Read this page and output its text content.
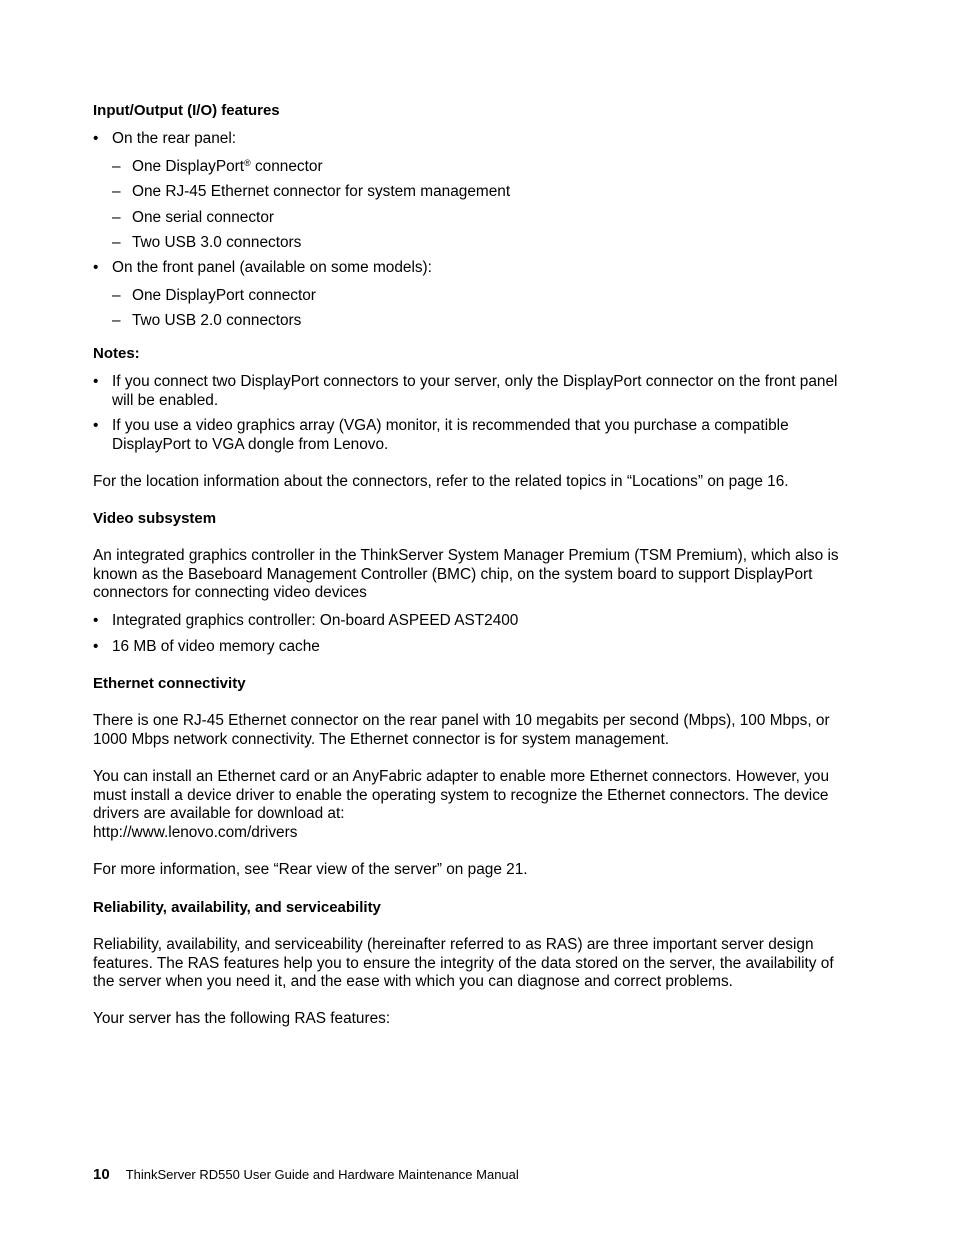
Input/Output (I/O) features
• On the rear panel:
– One DisplayPort® connector
– One RJ-45 Ethernet connector for system management
– One serial connector
– Two USB 3.0 connectors
• On the front panel (available on some models):
– One DisplayPort connector
– Two USB 2.0 connectors
Notes:
• If you connect two DisplayPort connectors to your server, only the DisplayPort connector on the front panel will be enabled.
• If you use a video graphics array (VGA) monitor, it is recommended that you purchase a compatible DisplayPort to VGA dongle from Lenovo.

For the location information about the connectors, refer to the related topics in “Locations” on page 16.

Video subsystem

An integrated graphics controller in the ThinkServer System Manager Premium (TSM Premium), which also is known as the Baseboard Management Controller (BMC) chip, on the system board to support DisplayPort connectors for connecting video devices

• Integrated graphics controller: On-board ASPEED AST2400
• 16 MB of video memory cache
Ethernet connectivity

There is one RJ-45 Ethernet connector on the rear panel with 10 megabits per second (Mbps), 100 Mbps, or 1000 Mbps network connectivity. The Ethernet connector is for system management.

You can install an Ethernet card or an AnyFabric adapter to enable more Ethernet connectors. However, you must install a device driver to enable the operating system to recognize the Ethernet connectors. The device drivers are available for download at:

http://www.lenovo.com/drivers

For more information, see “Rear view of the server” on page 21.

Reliability, availability, and serviceability

Reliability, availability, and serviceability (hereinafter referred to as RAS) are three important server design features. The RAS features help you to ensure the integrity of the data stored on the server, the availability of the server when you need it, and the ease with which you can diagnose and correct problems.

Your server has the following RAS features:

10 ThinkServer RD550 User Guide and Hardware Maintenance Manual
